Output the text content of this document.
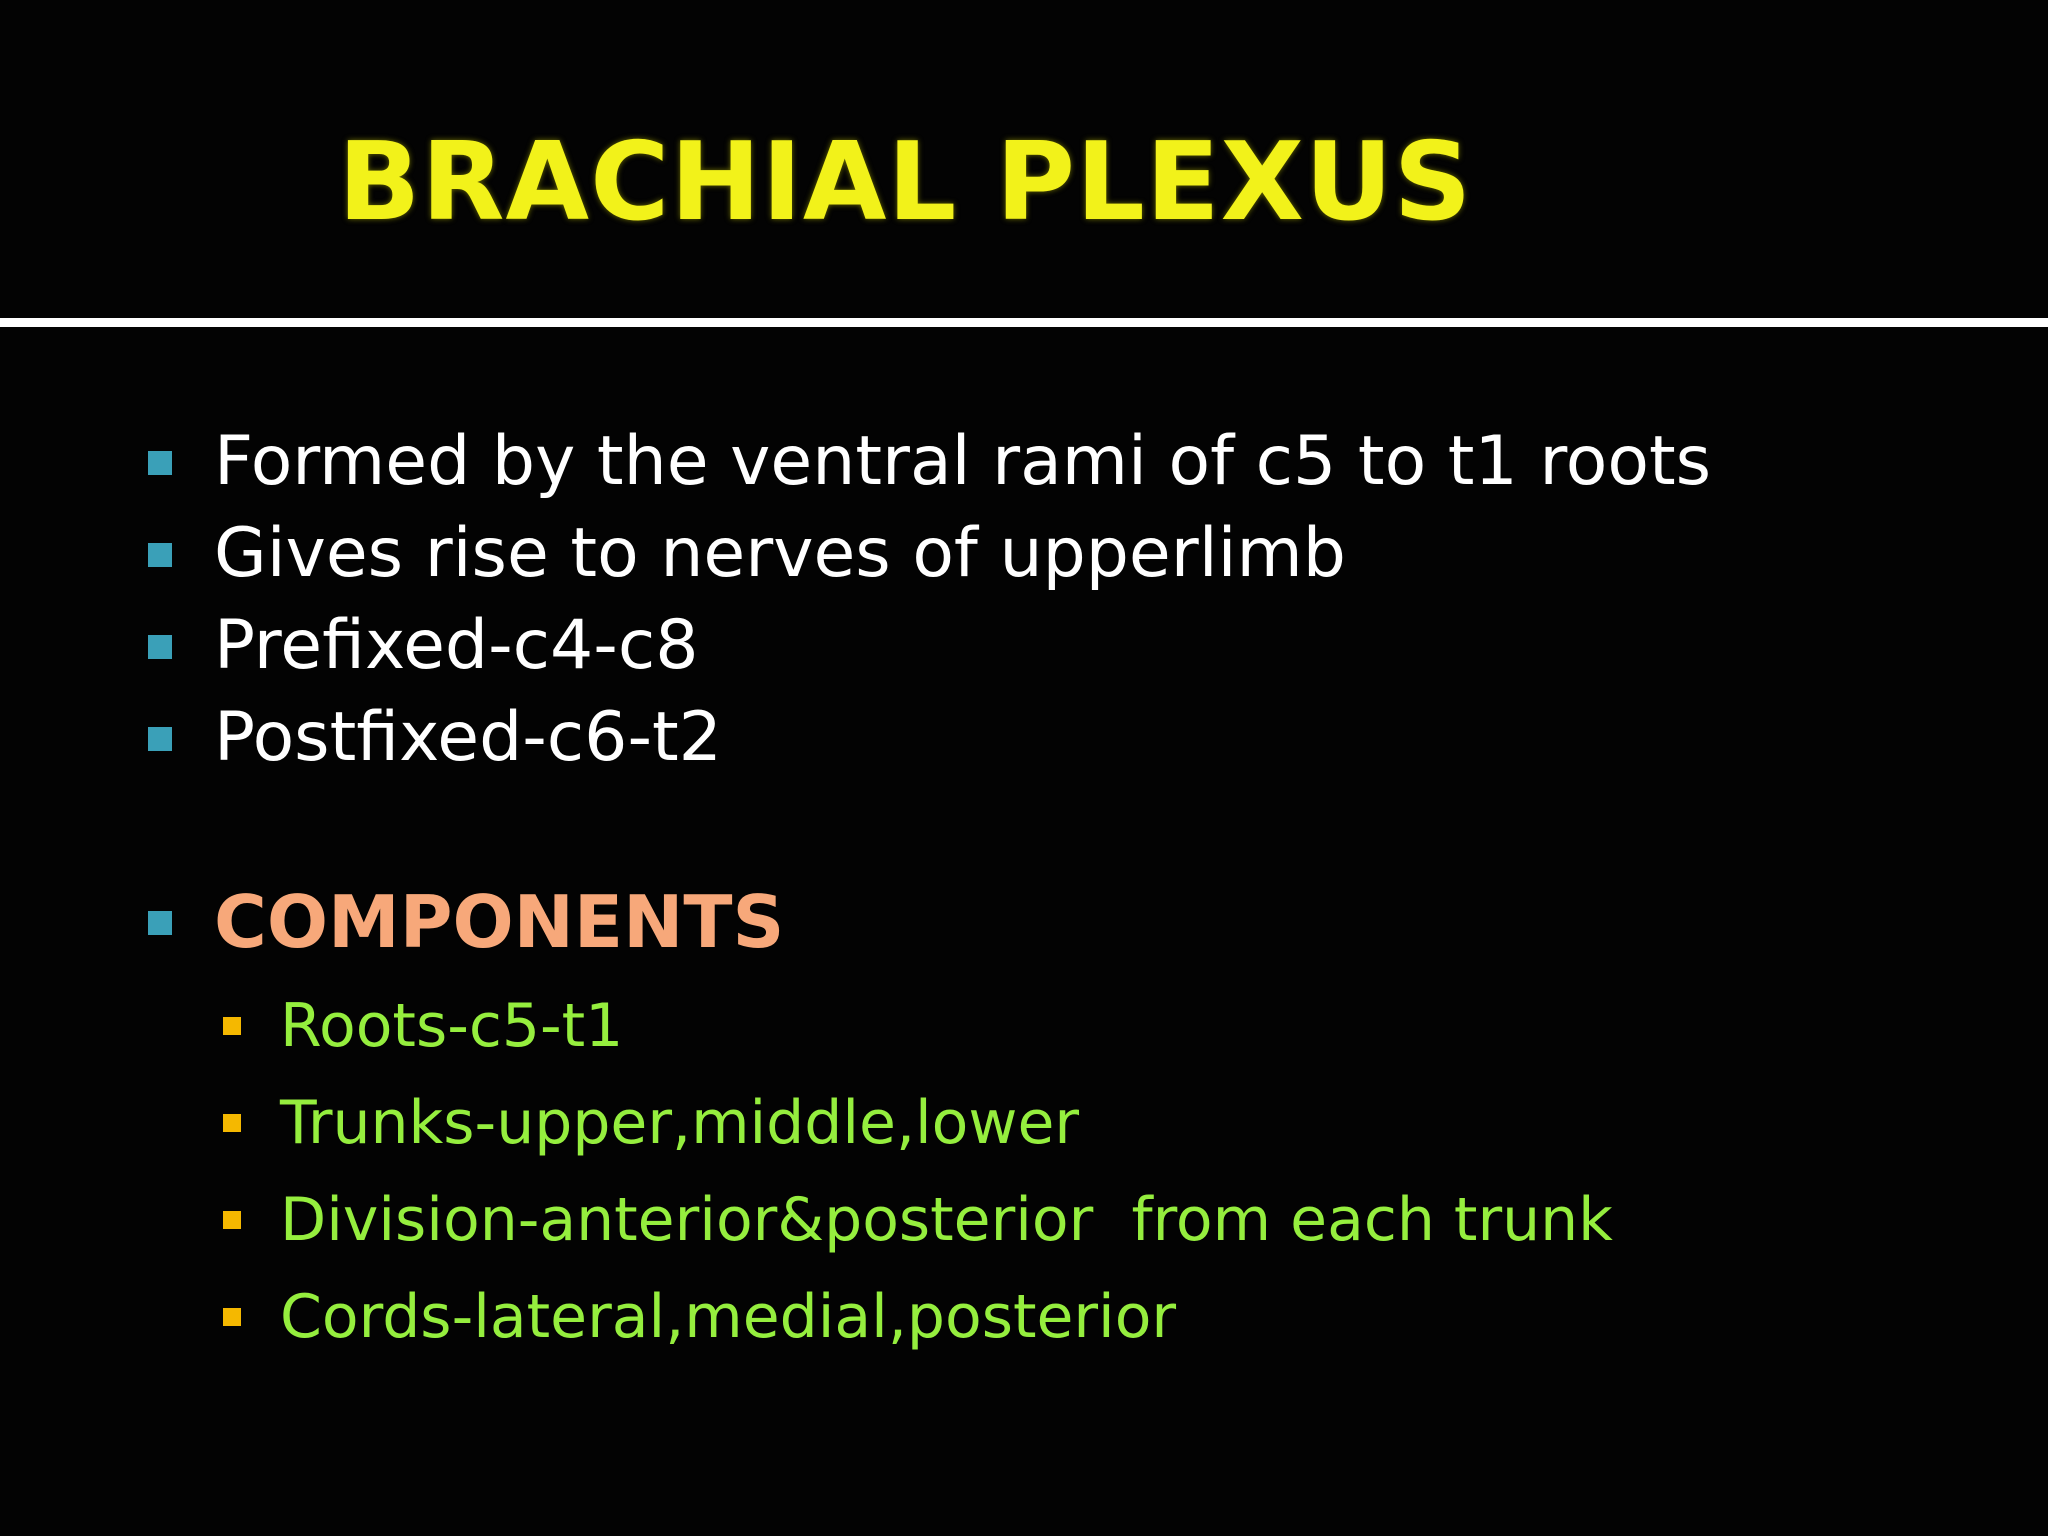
BRACHIAL PLEXUS
Formed by the ventral rami of c5 to t1 roots
Gives rise to nerves of upperlimb
Prefixed-c4-c8
Postfixed-c6-t2
COMPONENTS
Roots-c5-t1
Trunks-upper,middle,lower
Division-anterior&posterior  from each trunk
Cords-lateral,medial,posterior
